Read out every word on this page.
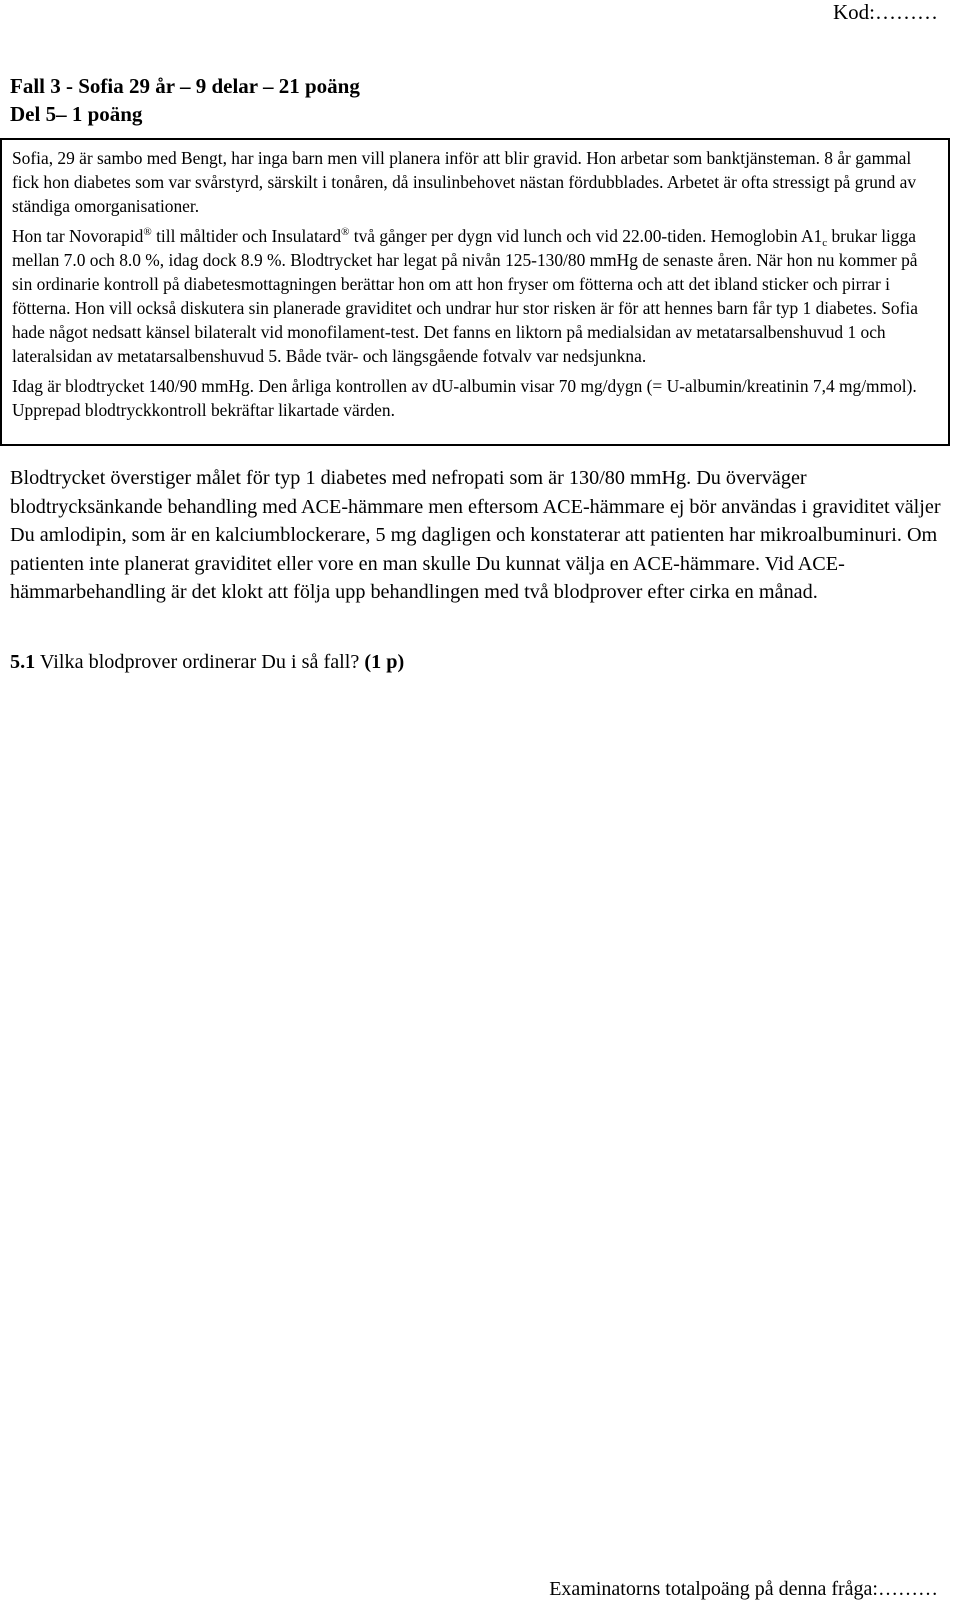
Kod:………
Fall 3 - Sofia 29 år – 9 delar – 21 poäng
Del 5– 1 poäng

Sofia, 29 är sambo med Bengt, har inga barn men vill planera inför att blir gravid. Hon arbetar som banktjänsteman. 8 år gammal fick hon diabetes som var svårstyrd, särskilt i tonåren, då insulinbehovet nästan fördubblades. Arbetet är ofta stressigt på grund av ständiga omorganisationer.

Hon tar Novorapid® till måltider och Insulatard® två gånger per dygn vid lunch och vid 22.00-tiden. Hemoglobin $A1_c$ brukar ligga mellan 7.0 och 8.0 %, idag dock 8.9 %. Blodtrycket har legat på nivån 125-130/80 mmHg de senaste åren. När hon nu kommer på sin ordinarie kontroll på diabetesmottagningen berättar hon om att hon fryser om fötterna och att det ibland sticker och pirrar i fötterna. Hon vill också diskutera sin planerade graviditet och undrar hur stor risken är för att hennes barn får typ 1 diabetes. Sofia hade något nedsatt känsel bilateralt vid monofilament-test. Det fanns en liktorn på medialsidan av metatarsalbenshuvud 1 och lateralsidan av metatarsalbenshuvud 5. Både tvär- och längsgående fotvalv var nedsjunkna.

Idag är blodtrycket 140/90 mmHg. Den årliga kontrollen av dU-albumin visar 70 mg/dygn (= U-albumin/kreatinin 7,4 mg/mmol). Upprepad blodtryckkontroll bekräftar likartade värden.

Blodtrycket överstiger målet för typ 1 diabetes med nefropati som är 130/80 mmHg. Du överväger blodtrycksänkande behandling med ACE-hämmare men eftersom ACE-hämmare ej bör användas i graviditet väljer Du amlodipin, som är en kalciumblockerare, 5 mg dagligen och konstaterar att patienten har mikroalbuminuri. Om patienten inte planerat graviditet eller vore en man skulle Du kunnat välja en ACE-hämmare. Vid ACE-hämmarbehandling är det klokt att följa upp behandlingen med två blodprover efter cirka en månad.

5.1 Vilka blodprover ordinerar Du i så fall? (1 p)

Examinatorns totalpoäng på denna fråga:………
